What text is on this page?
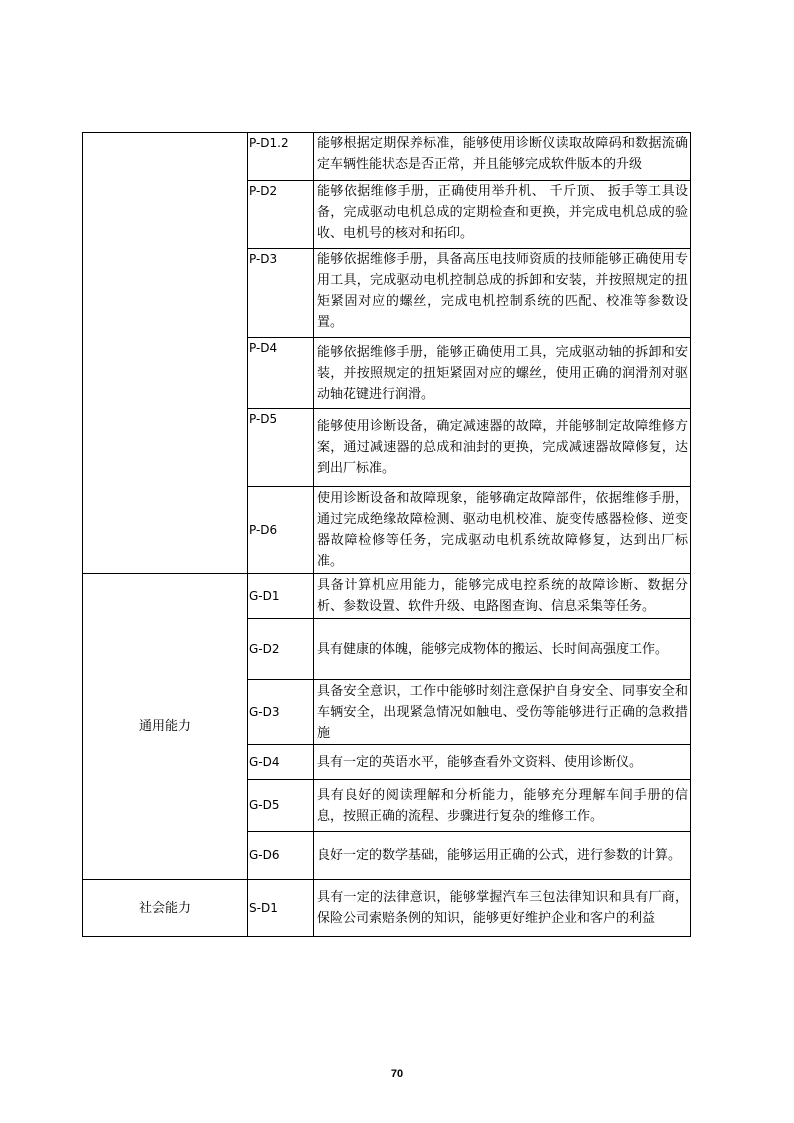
	P-D1.2	能够根据定期保养标准，能够使用诊断仪读取故障码和数据流确定车辆性能状态是否正常，并且能够完成软件版本的升级
	P-D2	能够依据维修手册，正确使用举升机、 千斤顶、 扳手等工具设备，完成驱动电机总成的定期检查和更换，并完成电机总成的验收、电机号的核对和拓印。
	P-D3	能够依据维修手册，具备高压电技师资质的技师能够正确使用专用工具，完成驱动电机控制总成的拆卸和安装，并按照规定的扭矩紧固对应的螺丝，完成电机控制系统的匹配、校准等参数设置。
	P-D4	能够依据维修手册，能够正确使用工具，完成驱动轴的拆卸和安装，并按照规定的扭矩紧固对应的螺丝，使用正确的润滑剂对驱动轴花键进行润滑。
	P-D5	能够使用诊断设备，确定减速器的故障，并能够制定故障维修方案，通过减速器的总成和油封的更换，完成减速器故障修复，达到出厂标准。
	P-D6	使用诊断设备和故障现象，能够确定故障部件，依据维修手册，通过完成绝缘故障检测、驱动电机校准、旋变传感器检修、逆变器故障检修等任务，完成驱动电机系统故障修复，达到出厂标准。
通用能力	G-D1	具备计算机应用能力，能够完成电控系统的故障诊断、数据分析、参数设置、软件升级、电路图查询、信息采集等任务。
	G-D2	具有健康的体魄，能够完成物体的搬运、长时间高强度工作。
	G-D3	具备安全意识，工作中能够时刻注意保护自身安全、同事安全和车辆安全，出现紧急情况如触电、受伤等能够进行正确的急救措施
	G-D4	具有一定的英语水平，能够查看外文资料、使用诊断仪。
	G-D5	具有良好的阅读理解和分析能力，能够充分理解车间手册的信息，按照正确的流程、步骤进行复杂的维修工作。
	G-D6	良好一定的数学基础，能够运用正确的公式，进行参数的计算。
社会能力	S-D1	具有一定的法律意识，能够掌握汽车三包法律知识和具有厂商，保险公司索赔条例的知识，能够更好维护企业和客户的利益
70
